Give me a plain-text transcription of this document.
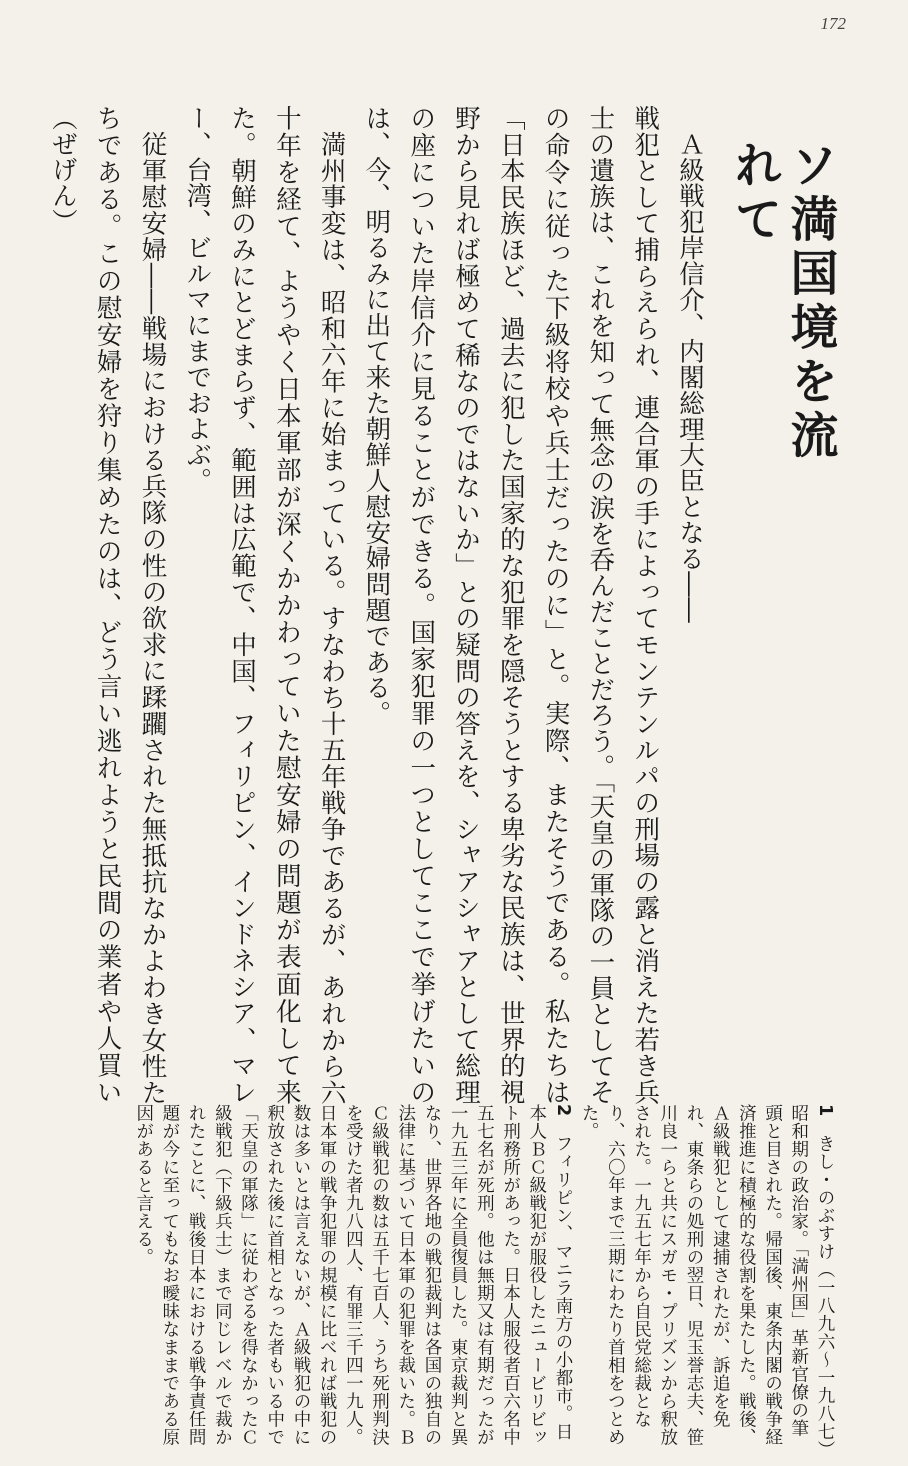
172
ソ満国境を流れて

Ａ級戦犯岸信介、内閣総理大臣となる――

戦犯として捕らえられ、連合軍の手によってモンテンルパの刑場の露と消えた若き兵士の遺族は、これを知って無念の涙を呑んだことだろう。「天皇の軍隊の一員としてその命令に従った下級将校や兵士だったのに」と。実際、またそうである。私たちは「日本民族ほど、過去に犯した国家的な犯罪を隠そうとする卑劣な民族は、世界的視野から見れば極めて稀なのではないか」との疑問の答えを、シャアシャアとして総理の座についた岸信介に見ることができる。国家犯罪の一つとしてここで挙げたいのは、今、明るみに出て来た朝鮮人慰安婦問題である。

満州事変は、昭和六年に始まっている。すなわち十五年戦争であるが、あれから六十年を経て、ようやく日本軍部が深くかかわっていた慰安婦の問題が表面化して来た。朝鮮のみにとどまらず、範囲は広範で、中国、フィリピン、インドネシア、マレー、台湾、ビルマにまでおよぶ。

従軍慰安婦――戦場における兵隊の性の欲求に蹂躙された無抵抗なかよわき女性たちである。この慰安婦を狩り集めたのは、どう言い逃れようと民間の業者や人買い（ぜげん）

1　きし・のぶすけ（一八九六～一九八七）昭和期の政治家。「満州国」革新官僚の筆頭と目された。帰国後、東条内閣の戦争経済推進に積極的な役割を果たした。戦後、Ａ級戦犯として逮捕されたが、訴追を免れ、東条らの処刑の翌日、児玉誉志夫、笹川良一らと共にスガモ・プリズンから釈放された。一九五七年から自民党総裁となり、六〇年まで三期にわたり首相をつとめた。

2　フィリピン、マニラ南方の小都市。日本人ＢＣ級戦犯が服役したニュービリビット刑務所があった。日本人服役者百六名中五七名が死刑。他は無期又は有期だったが一九五三年に全員復員した。東京裁判と異なり、世界各地の戦犯裁判は各国の独自の法律に基づいて日本軍の犯罪を裁いた。ＢＣ級戦犯の数は五千七百人、うち死刑判決を受けた者九八四人、有罪三千四一九人。日本軍の戦争犯罪の規模に比べれば戦犯の数は多いとは言えないが、Ａ級戦犯の中に釈放された後に首相となった者もいる中で「天皇の軍隊」に従わざるを得なかったＣ級戦犯（下級兵士）まで同じレベルで裁かれたことに、戦後日本における戦争責任問題が今に至ってもなお曖昧なままである原因があると言える。
